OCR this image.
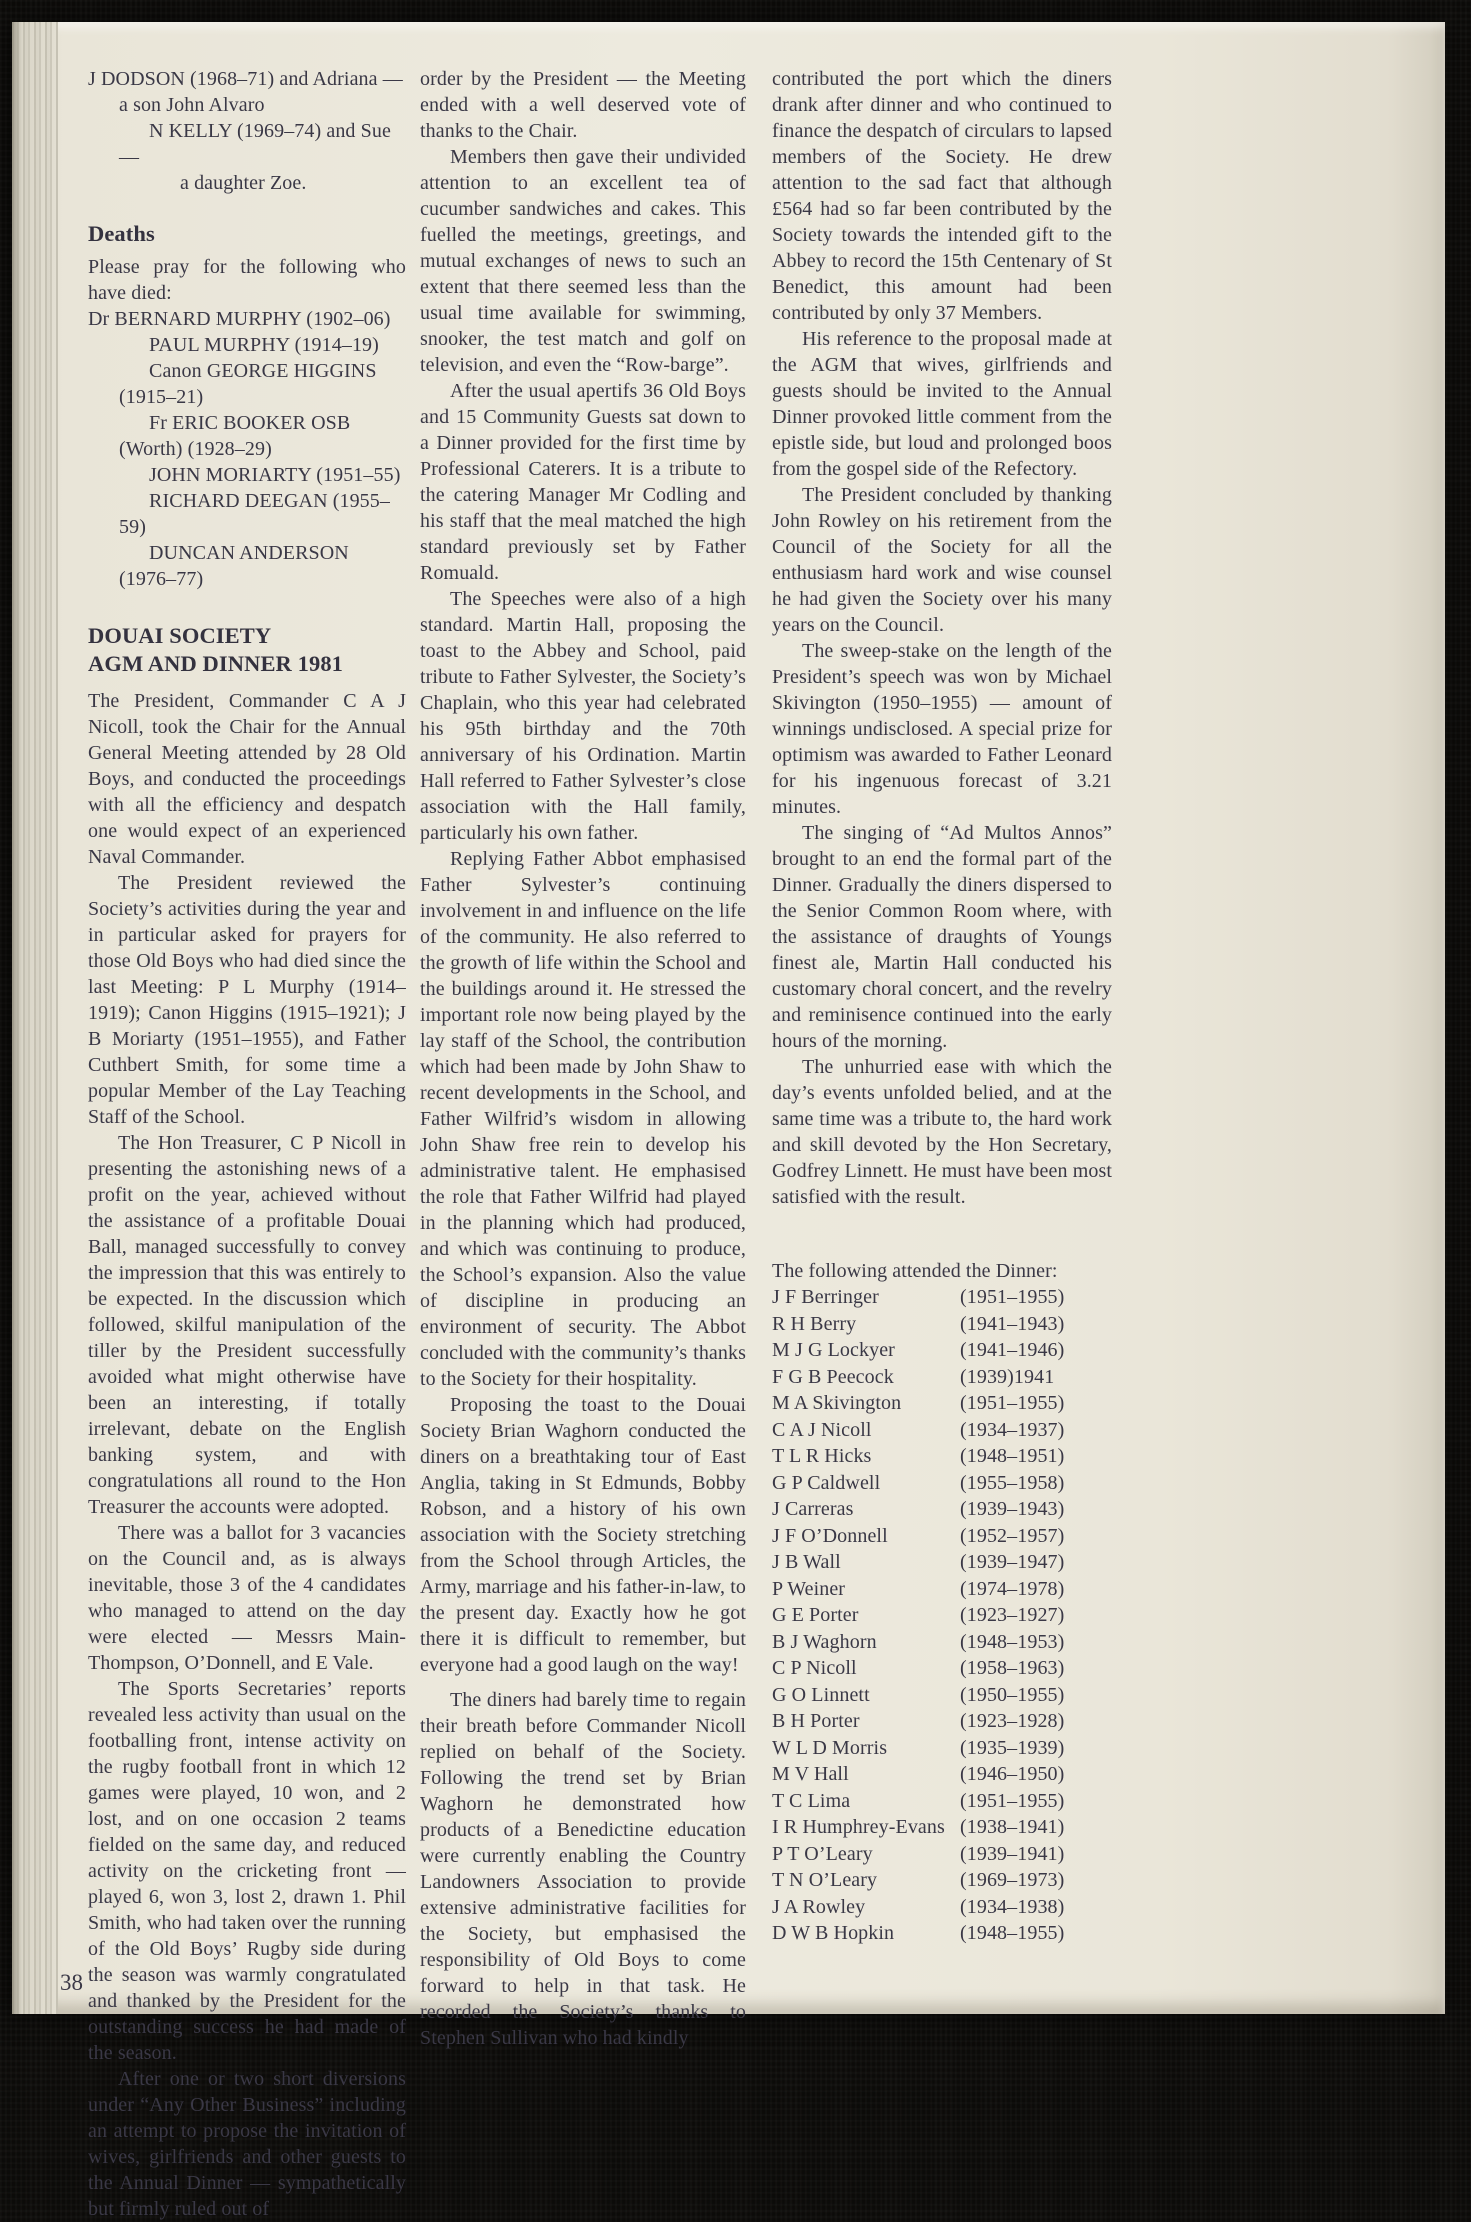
J DODSON (1968–71) and Adriana —
a son John Alvaro

N KELLY (1969–74) and Sue —
a daughter Zoe.

Deaths

Please pray for the following who have died:

Dr BERNARD MURPHY (1902–06)

PAUL MURPHY (1914–19)

Canon GEORGE HIGGINS (1915–21)

Fr ERIC BOOKER OSB (Worth) (1928–29)

JOHN MORIARTY (1951–55)

RICHARD DEEGAN (1955–59)

DUNCAN ANDERSON (1976–77)

DOUAI SOCIETY
AGM AND DINNER 1981

The President, Commander C A J Nicoll, took the Chair for the Annual General Meeting attended by 28 Old Boys, and conducted the proceedings with all the efficiency and despatch one would expect of an experienced Naval Commander.

The President reviewed the Society’s activities during the year and in particular asked for prayers for those Old Boys who had died since the last Meeting: P L Murphy (1914–1919); Canon Higgins (1915–1921); J B Moriarty (1951–1955), and Father Cuthbert Smith, for some time a popular Member of the Lay Teaching Staff of the School.

The Hon Treasurer, C P Nicoll in presenting the astonishing news of a profit on the year, achieved without the assistance of a profitable Douai Ball, managed successfully to convey the impression that this was entirely to be expected. In the discussion which followed, skilful manipulation of the tiller by the President successfully avoided what might otherwise have been an interesting, if totally irrelevant, debate on the English banking system, and with congratulations all round to the Hon Treasurer the accounts were adopted.

There was a ballot for 3 vacancies on the Council and, as is always inevitable, those 3 of the 4 candidates who managed to attend on the day were elected — Messrs Main-Thompson, O’Donnell, and E Vale.

The Sports Secretaries’ reports revealed less activity than usual on the footballing front, intense activity on the rugby football front in which 12 games were played, 10 won, and 2 lost, and on one occasion 2 teams fielded on the same day, and reduced activity on the cricketing front — played 6, won 3, lost 2, drawn 1. Phil Smith, who had taken over the running of the Old Boys’ Rugby side during the season was warmly congratulated and thanked by the President for the outstanding success he had made of the season.

After one or two short diversions under “Any Other Business” including an attempt to propose the invitation of wives, girlfriends and other guests to the Annual Dinner — sympathetically but firmly ruled out of

order by the President — the Meeting ended with a well deserved vote of thanks to the Chair.

Members then gave their undivided attention to an excellent tea of cucumber sandwiches and cakes. This fuelled the meetings, greetings, and mutual exchanges of news to such an extent that there seemed less than the usual time available for swimming, snooker, the test match and golf on television, and even the “Row-barge”.

After the usual apertifs 36 Old Boys and 15 Community Guests sat down to a Dinner provided for the first time by Professional Caterers. It is a tribute to the catering Manager Mr Codling and his staff that the meal matched the high standard previously set by Father Romuald.

The Speeches were also of a high standard. Martin Hall, proposing the toast to the Abbey and School, paid tribute to Father Sylvester, the Society’s Chaplain, who this year had celebrated his 95th birthday and the 70th anniversary of his Ordination. Martin Hall referred to Father Sylvester’s close association with the Hall family, particularly his own father.

Replying Father Abbot emphasised Father Sylvester’s continuing involvement in and influence on the life of the community. He also referred to the growth of life within the School and the buildings around it. He stressed the important role now being played by the lay staff of the School, the contribution which had been made by John Shaw to recent developments in the School, and Father Wilfrid’s wisdom in allowing John Shaw free rein to develop his administrative talent. He emphasised the role that Father Wilfrid had played in the planning which had produced, and which was continuing to produce, the School’s expansion. Also the value of discipline in producing an environment of security. The Abbot concluded with the community’s thanks to the Society for their hospitality.

Proposing the toast to the Douai Society Brian Waghorn conducted the diners on a breathtaking tour of East Anglia, taking in St Edmunds, Bobby Robson, and a history of his own association with the Society stretching from the School through Articles, the Army, marriage and his father-in-law, to the present day. Exactly how he got there it is difficult to remember, but everyone had a good laugh on the way!

The diners had barely time to regain their breath before Commander Nicoll replied on behalf of the Society. Following the trend set by Brian Waghorn he demonstrated how products of a Benedictine education were currently enabling the Country Landowners Association to provide extensive administrative facilities for the Society, but emphasised the responsibility of Old Boys to come forward to help in that task. He recorded the Society’s thanks to Stephen Sullivan who had kindly

contributed the port which the diners drank after dinner and who continued to finance the despatch of circulars to lapsed members of the Society. He drew attention to the sad fact that although £564 had so far been contributed by the Society towards the intended gift to the Abbey to record the 15th Centenary of St Benedict, this amount had been contributed by only 37 Members.

His reference to the proposal made at the AGM that wives, girlfriends and guests should be invited to the Annual Dinner provoked little comment from the epistle side, but loud and prolonged boos from the gospel side of the Refectory.

The President concluded by thanking John Rowley on his retirement from the Council of the Society for all the enthusiasm hard work and wise counsel he had given the Society over his many years on the Council.

The sweep-stake on the length of the President’s speech was won by Michael Skivington (1950–1955) — amount of winnings undisclosed. A special prize for optimism was awarded to Father Leonard for his ingenuous forecast of 3.21 minutes.

The singing of “Ad Multos Annos” brought to an end the formal part of the Dinner. Gradually the diners dispersed to the Senior Common Room where, with the assistance of draughts of Youngs finest ale, Martin Hall conducted his customary choral concert, and the revelry and reminisence continued into the early hours of the morning.

The unhurried ease with which the day’s events unfolded belied, and at the same time was a tribute to, the hard work and skill devoted by the Hon Secretary, Godfrey Linnett. He must have been most satisfied with the result.

The following attended the Dinner:

J F Berringer	(1951–1955)
R H Berry	(1941–1943)
M J G Lockyer	(1941–1946)
F G B Peecock	(1939)1941
M A Skivington	(1951–1955)
C A J Nicoll	(1934–1937)
T L R Hicks	(1948–1951)
G P Caldwell	(1955–1958)
J Carreras	(1939–1943)
J F O’Donnell	(1952–1957)
J B Wall	(1939–1947)
P Weiner	(1974–1978)
G E Porter	(1923–1927)
B J Waghorn	(1948–1953)
C P Nicoll	(1958–1963)
G O Linnett	(1950–1955)
B H Porter	(1923–1928)
W L D Morris	(1935–1939)
M V Hall	(1946–1950)
T C Lima	(1951–1955)
I R Humphrey-Evans (1938–1941)
P T O’Leary	(1939–1941)
T N O’Leary	(1969–1973)
J A Rowley	(1934–1938)
D W B Hopkin	(1948–1955)
38
